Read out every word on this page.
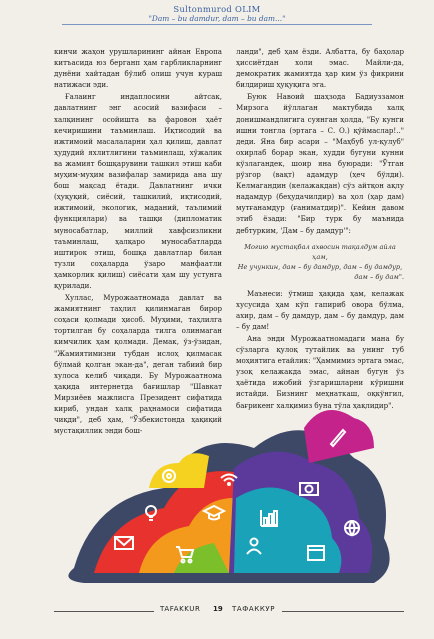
Sultonmurod OLIM
"Dam – bu damdur, dam – bu dam..."

кинчи жаҳон урушларининг айнан Европа китъасида юз берганп ҳам гарбликларнинг дунёни хайтадан бўлиб олиш учун кураш натижаси эди.

Ғалаинг индаплосини айтсак, давлатнинг энг асосий вазифаси – халқининг осойишта ва фаровон ҳаёт кечиришини таъминлаш. Иқтисодий ва ижтимоий масалаларни ҳал қилиш, давлат ҳудудий яхлитлигини таъминлаш, хўжалик ва жамият бошқарувини ташкил этиш каби муҳим-муҳим вазифалар замирида ана шу бош мақсад ётади. Давлатнинг ички (ҳуқуқий, сиёсий, ташкилий, иқтисодий, ижтимоий, экологик, маданий, таълимий функциялари) ва ташқи (дипломатик муносабатлар, миллий хавфсизликни таъминлаш, ҳалқаро муносабатларда иштирок этиш, бошқа давлатлар билан тузли соҳаларда ўзаро манфаатли ҳамкорлик қилиш) сиёсати ҳам шу устунга қурилади.

Хуллас, Мурожаатномада давлат ва жамиятнинг таҳлил қилинмаган бирор соҳаси қолмади ҳисоб. Муҳими, таҳлилга тортилган бу соҳаларда тилга олинмаган кимчилик ҳам қолмади. Демак, ўз-ўзидан, "Жамиятимизни тубдан ислоҳ қилмасак бўлмай қолган экан-да", деган табиий бир хулоса келиб чиқади. Бу Мурожаатнома ҳақида интернетда бағишлар "Шавкат Мирзиёев мажлисга Президент сифатида кириб, ундан халқ раҳнамоси сифатида чиқди", деб ҳам, "Ўзбекистонда ҳақиқий мустақиллик энди бош-

ланди", деб ҳам ёзди. Албатта, бу баҳолар ҳиссиётдан холи эмас. Майли-да, демократик жамиятда ҳар ким ўз фикрини билдириш ҳуқуқига эга.

Буюк Навоий шаҳзода Бадиуззамон Мирзога йўллаган мактубида халқ донишмандлигига суянган ҳолда, "Бу кунги ишни тонгла (эртага – С. О.) қўймаслар!.." деди. Яна бир асари – "Маҳбуб ул-қулуб" охирлаб борар экан, худди бугуни кунни кўзлагандек, шоир яна буюради: "Ўтган рўзгор (вақт) адамдур (ҳеч бўлди). Келмагандин (келажакдан) сўз айтқон ақлу надамдур (беҳудачилдир) ва ҳол (ҳар дам) мутғанамдур (ғаниматдир)". Кейин давом этиб ёзади: "Бир турк бу маънида дебтурким, 'Дам – бу дамдур'":

Могию мустақбал ахвосин тақалдум айла ҳам,
Не учункин, дам – бу дамдур, дам – бу дамдур,
дам – бу дам".

Маънеси: ўтмиш ҳақида ҳам, келажак хусусида ҳам кўп гапириб овора бўлма, ахир, дам – бу дамдур, дам – бу дамдур, дам – бу дам!

Ана энди Мурожаатномадаги мана бу сўзларга қулоқ тутайлик ва унинг туб моҳиятига етайлик: "Ҳаммимиз эртага эмас, узоқ келажакда эмас, айнан бугун ўз ҳаётида ижобий ўзгаришларни кўришни истайди. Бизнинг меҳнаткаш, оқкўнгил, бағрикенг халқимиз буна тўла ҳақлидир".

TAFAKKUR 19 ТАФАККУР
